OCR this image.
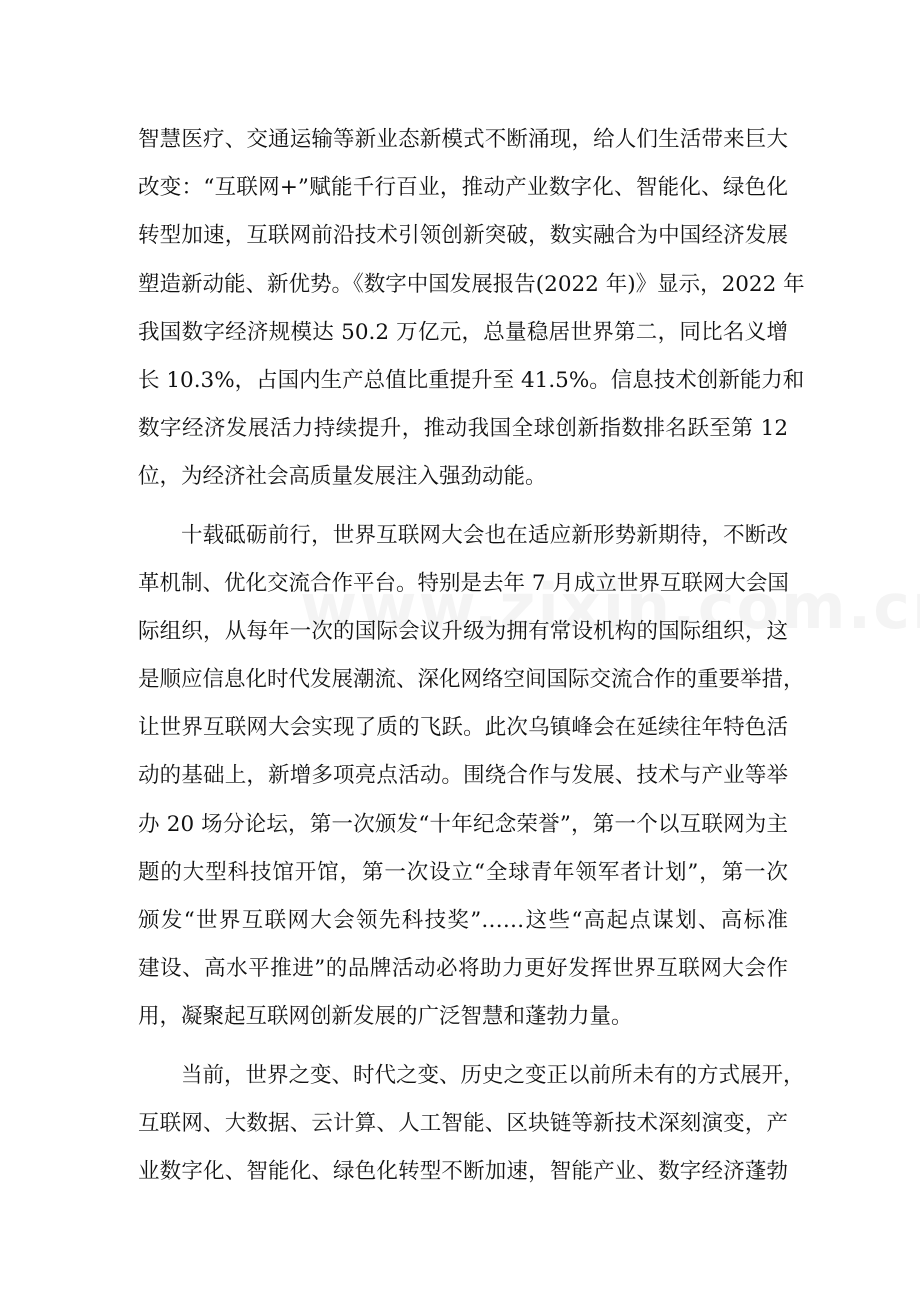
智慧医疗、交通运输等新业态新模式不断涌现，给人们生活带来巨大
改变：“互联网+”赋能千行百业，推动产业数字化、智能化、绿色化
转型加速，互联网前沿技术引领创新突破，数实融合为中国经济发展
塑造新动能、新优势。《数字中国发展报告(2022 年)》显示，2022 年
我国数字经济规模达 50.2 万亿元，总量稳居世界第二，同比名义增
长 10.3%，占国内生产总值比重提升至 41.5%。信息技术创新能力和
数字经济发展活力持续提升，推动我国全球创新指数排名跃至第 12
位，为经济社会高质量发展注入强劲动能。
十载砥砺前行，世界互联网大会也在适应新形势新期待，不断改
革机制、优化交流合作平台。特别是去年 7 月成立世界互联网大会国
际组织，从每年一次的国际会议升级为拥有常设机构的国际组织，这
是顺应信息化时代发展潮流、深化网络空间国际交流合作的重要举措，
让世界互联网大会实现了质的飞跃。此次乌镇峰会在延续往年特色活
动的基础上，新增多项亮点活动。围绕合作与发展、技术与产业等举
办 20 场分论坛，第一次颁发“十年纪念荣誉”，第一个以互联网为主
题的大型科技馆开馆，第一次设立“全球青年领军者计划”，第一次
颁发“世界互联网大会领先科技奖”……这些“高起点谋划、高标准
建设、高水平推进”的品牌活动必将助力更好发挥世界互联网大会作
用，凝聚起互联网创新发展的广泛智慧和蓬勃力量。
当前，世界之变、时代之变、历史之变正以前所未有的方式展开，
互联网、大数据、云计算、人工智能、区块链等新技术深刻演变，产
业数字化、智能化、绿色化转型不断加速，智能产业、数字经济蓬勃
